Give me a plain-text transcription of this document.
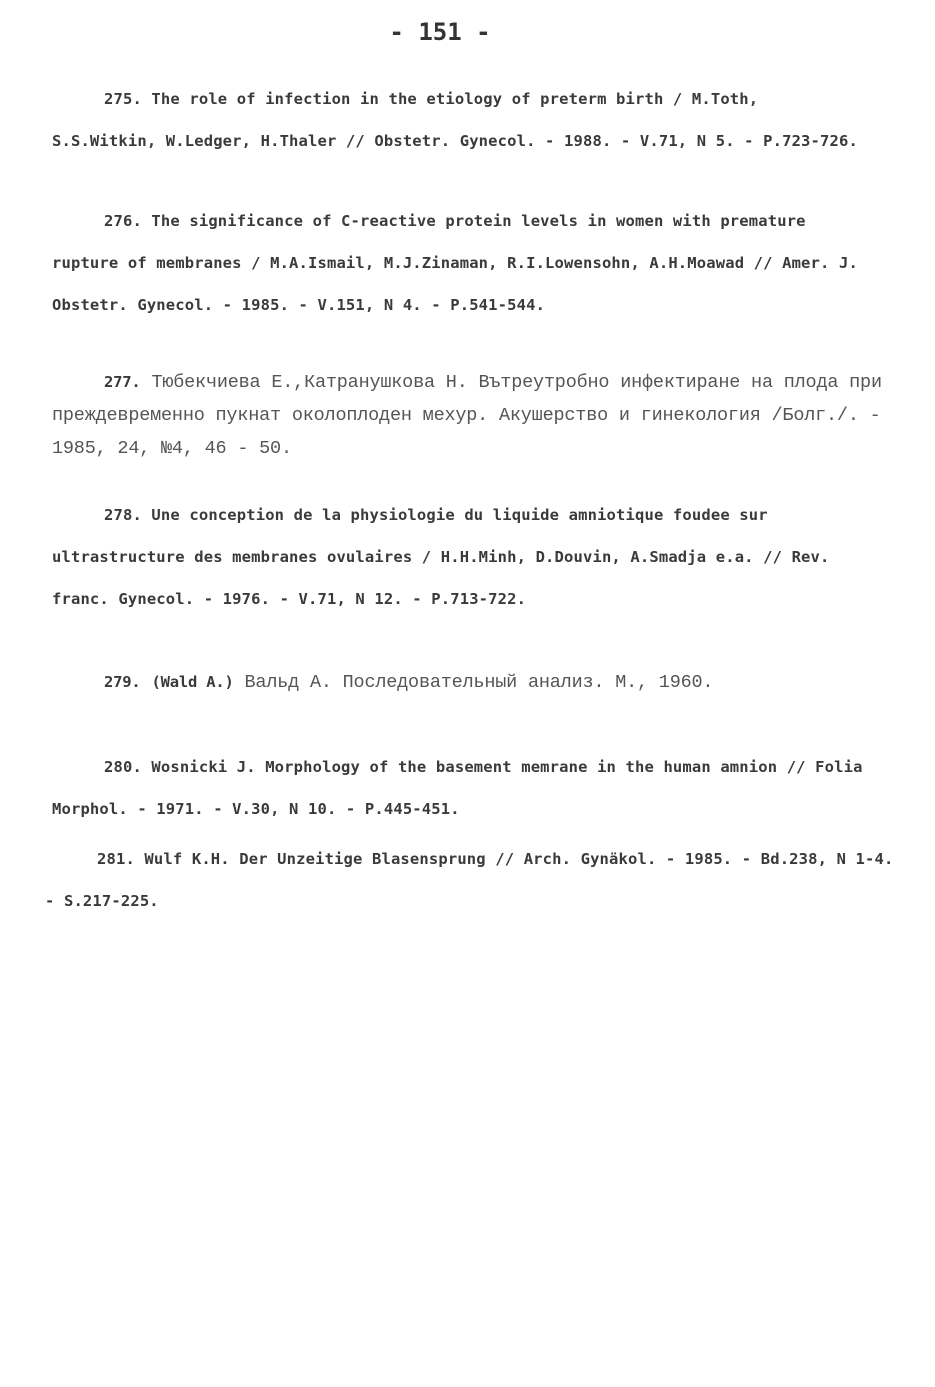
- 151 -

275. The role of infection in the etiology of preterm birth / M.Toth, S.S.Witkin, W.Ledger, H.Thaler // Obstetr. Gynecol. - 1988. - V.71, N 5. - P.723-726.

276. The significance of C-reactive protein levels in women with premature rupture of membranes / M.A.Ismail, M.J.Zinaman, R.I.Lowensohn, A.H.Moawad // Amer. J. Obstetr. Gynecol. - 1985. - V.151, N 4. - P.541-544.

277. Тюбекчиева Е.,Катранушкова Н. Вътреутробно инфектиране на плода при преждевременно пукнат околоплоден мехур. Акушерство и гинекология /Болг./. - 1985, 24, №4, 46 - 50.

278. Une conception de la physiologie du liquide amniotique foudee sur ultrastructure des membranes ovulaires / H.H.Minh, D.Douvin, A.Smadja e.a. // Rev. franc. Gynecol. - 1976. - V.71, N 12. - P.713-722.

279. (Wald A.) Вальд А. Последовательный анализ. М., 1960.

280. Wosnicki J. Morphology of the basement memrane in the human amnion // Folia Morphol. - 1971. - V.30, N 10. - P.445-451.

281. Wulf K.H. Der Unzeitige Blasensprung // Arch. Gynäkol. - 1985. - Bd.238, N 1-4. - S.217-225.
